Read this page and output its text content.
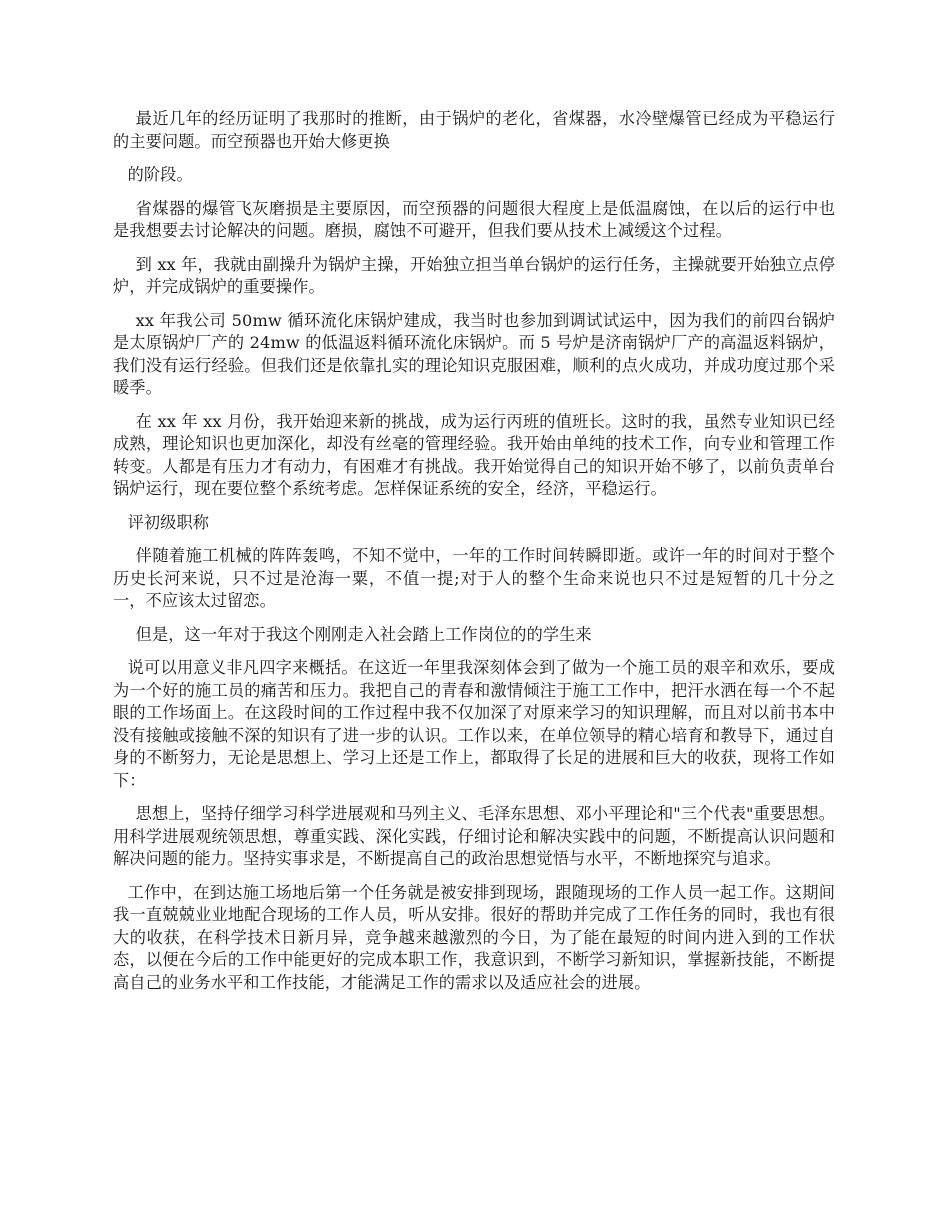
最近几年的经历证明了我那时的推断，由于锅炉的老化，省煤器，水冷壁爆管已经成为平稳运行的主要问题。而空预器也开始大修更换

的阶段。

省煤器的爆管飞灰磨损是主要原因，而空预器的问题很大程度上是低温腐蚀，在以后的运行中也是我想要去讨论解决的问题。磨损，腐蚀不可避开，但我们要从技术上减缓这个过程。

到 xx 年，我就由副操升为锅炉主操，开始独立担当单台锅炉的运行任务，主操就要开始独立点停炉，并完成锅炉的重要操作。

xx 年我公司 50mw 循环流化床锅炉建成，我当时也参加到调试试运中，因为我们的前四台锅炉是太原锅炉厂产的 24mw 的低温返料循环流化床锅炉。而 5 号炉是济南锅炉厂产的高温返料锅炉，我们没有运行经验。但我们还是依靠扎实的理论知识克服困难，顺利的点火成功，并成功度过那个采暖季。

在 xx 年 xx 月份，我开始迎来新的挑战，成为运行丙班的值班长。这时的我，虽然专业知识已经成熟，理论知识也更加深化，却没有丝毫的管理经验。我开始由单纯的技术工作，向专业和管理工作转变。人都是有压力才有动力，有困难才有挑战。我开始觉得自己的知识开始不够了，以前负责单台锅炉运行，现在要位整个系统考虑。怎样保证系统的安全，经济，平稳运行。

评初级职称

伴随着施工机械的阵阵轰鸣，不知不觉中，一年的工作时间转瞬即逝。或许一年的时间对于整个历史长河来说，只不过是沧海一粟，不值一提;对于人的整个生命来说也只不过是短暂的几十分之一，不应该太过留恋。

但是，这一年对于我这个刚刚走入社会踏上工作岗位的的学生来

说可以用意义非凡四字来概括。在这近一年里我深刻体会到了做为一个施工员的艰辛和欢乐，要成为一个好的施工员的痛苦和压力。我把自己的青春和激情倾注于施工工作中，把汗水洒在每一个不起眼的工作场面上。在这段时间的工作过程中我不仅加深了对原来学习的知识理解，而且对以前书本中没有接触或接触不深的知识有了进一步的认识。工作以来，在单位领导的精心培育和教导下，通过自身的不断努力，无论是思想上、学习上还是工作上，都取得了长足的进展和巨大的收获，现将工作如下：

思想上，坚持仔细学习科学进展观和马列主义、毛泽东思想、邓小平理论和"三个代表"重要思想。用科学进展观统领思想，尊重实践、深化实践，仔细讨论和解决实践中的问题，不断提高认识问题和解决问题的能力。坚持实事求是，不断提高自己的政治思想觉悟与水平，不断地探究与追求。

工作中，在到达施工场地后第一个任务就是被安排到现场，跟随现场的工作人员一起工作。这期间我一直兢兢业业地配合现场的工作人员，听从安排。很好的帮助并完成了工作任务的同时，我也有很大的收获，在科学技术日新月异，竞争越来越激烈的今日，为了能在最短的时间内进入到的工作状态，以便在今后的工作中能更好的完成本职工作，我意识到，不断学习新知识，掌握新技能，不断提高自己的业务水平和工作技能，才能满足工作的需求以及适应社会的进展。
